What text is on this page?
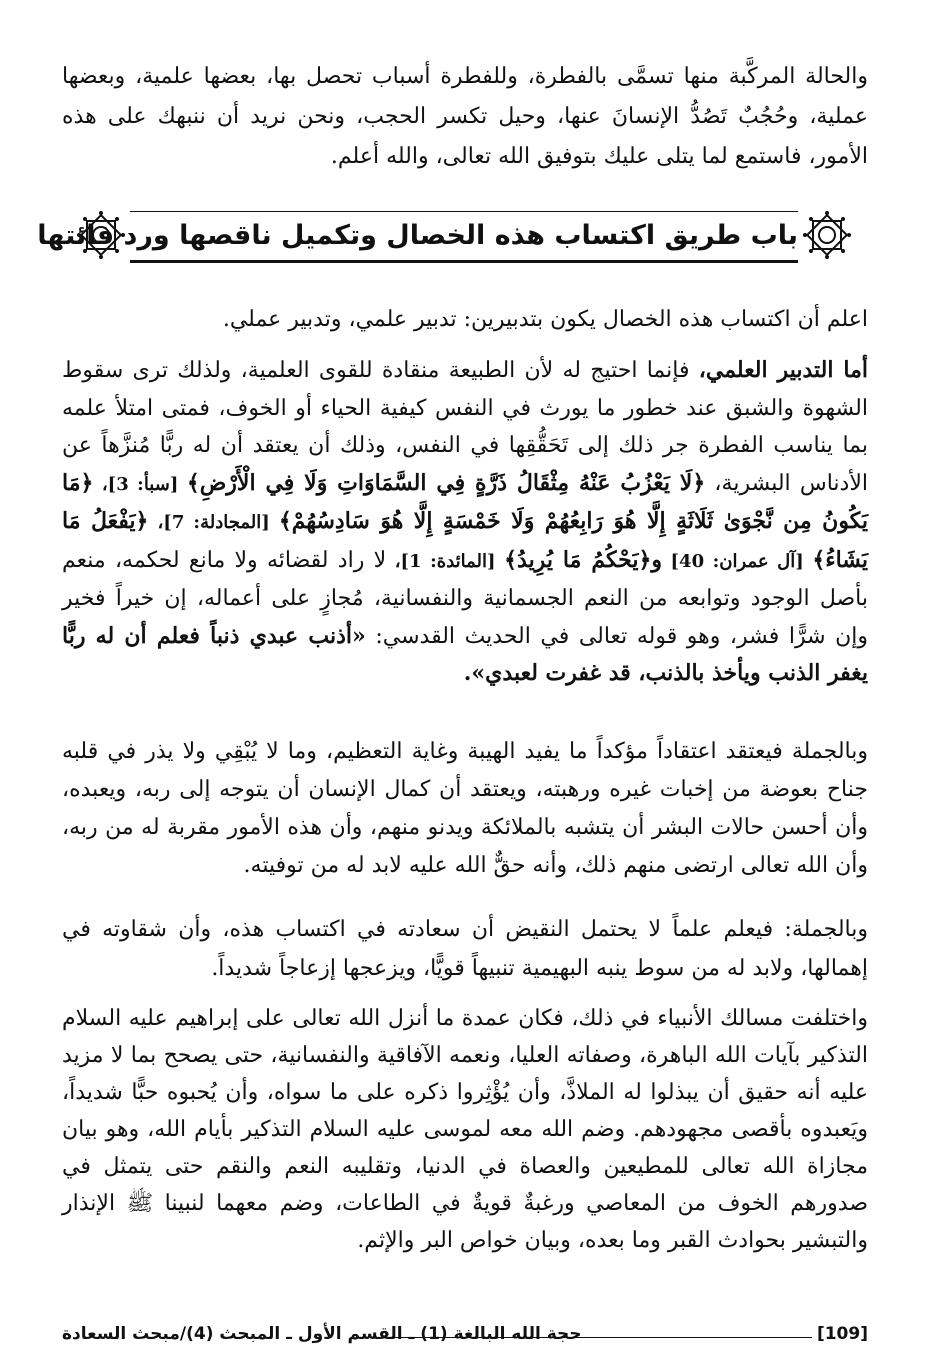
والحالة المركَّبة منها تسمَّى بالفطرة، وللفطرة أسباب تحصل بها، بعضها علمية، وبعضها عملية، وحُجُبٌ تَصُدُّ الإنسانَ عنها، وحيل تكسر الحجب، ونحن نريد أن ننبهك على هذه الأمور، فاستمع لما يتلى عليك بتوفيق الله تعالى، والله أعلم.

باب طريق اكتساب هذه الخصال وتكميل ناقصها ورد فائتها

اعلم أن اكتساب هذه الخصال يكون بتدبيرين: تدبير علمي، وتدبير عملي.

أما التدبير العلمي، فإنما احتيج له لأن الطبيعة منقادة للقوى العلمية، ولذلك ترى سقوط الشهوة والشبق عند خطور ما يورث في النفس كيفية الحياء أو الخوف، فمتى امتلأ علمه بما يناسب الفطرة جر ذلك إلى تَحَقُّقِها في النفس، وذلك أن يعتقد أن له ربًّا مُنزَّهاً عن الأدناس البشرية، ﴿لَا يَعْزُبُ عَنْهُ مِثْقَالُ ذَرَّةٍ فِي السَّمَاوَاتِ وَلَا فِي الْأَرْضِ﴾ [سبأ: 3]، ﴿مَا يَكُونُ مِن نَّجْوَىٰ ثَلَاثَةٍ إِلَّا هُوَ رَابِعُهُمْ وَلَا خَمْسَةٍ إِلَّا هُوَ سَادِسُهُمْ﴾ [المجادلة: 7]، ﴿يَفْعَلُ مَا يَشَاءُ﴾ [آل عمران: 40] و﴿يَحْكُمُ مَا يُرِيدُ﴾ [المائدة: 1]، لا راد لقضائه ولا مانع لحكمه، منعم بأصل الوجود وتوابعه من النعم الجسمانية والنفسانية، مُجازٍ على أعماله، إن خيراً فخير وإن شرًّا فشر، وهو قوله تعالى في الحديث القدسي: «أذنب عبدي ذنباً فعلم أن له ربًّا يغفر الذنب ويأخذ بالذنب، قد غفرت لعبدي».

وبالجملة فيعتقد اعتقاداً مؤكداً ما يفيد الهيبة وغاية التعظيم، وما لا يُبْقِي ولا يذر في قلبه جناح بعوضة من إخبات غيره ورهبته، ويعتقد أن كمال الإنسان أن يتوجه إلى ربه، ويعبده، وأن أحسن حالات البشر أن يتشبه بالملائكة ويدنو منهم، وأن هذه الأمور مقربة له من ربه، وأن الله تعالى ارتضى منهم ذلك، وأنه حقٌّ الله عليه لابد له من توفيته.

وبالجملة: فيعلم علماً لا يحتمل النقيض أن سعادته في اكتساب هذه، وأن شقاوته في إهمالها، ولابد له من سوط ينبه البهيمية تنبيهاً قويًّا، ويزعجها إزعاجاً شديداً.

واختلفت مسالك الأنبياء في ذلك، فكان عمدة ما أنزل الله تعالى على إبراهيم عليه السلام التذكير بآيات الله الباهرة، وصفاته العليا، ونعمه الآفاقية والنفسانية، حتى يصحح بما لا مزيد عليه أنه حقيق أن يبذلوا له الملاذَّ، وأن يُؤْثِروا ذكره على ما سواه، وأن يُحبوه حبًّا شديداً، ويَعبدوه بأقصى مجهودهم. وضم الله معه لموسى عليه السلام التذكير بأيام الله، وهو بيان مجازاة الله تعالى للمطيعين والعصاة في الدنيا، وتقليبه النعم والنقم حتى يتمثل في صدورهم الخوف من المعاصي ورغبةٌ قويةٌ في الطاعات، وضم معهما لنبينا ﷺ الإنذار والتبشير بحوادث القبر وما بعده، وبيان خواص البر والإثم.

[109]
حجة الله البالغة (1) ـ القسم الأول ـ المبحث (4)/مبحث السعادة
